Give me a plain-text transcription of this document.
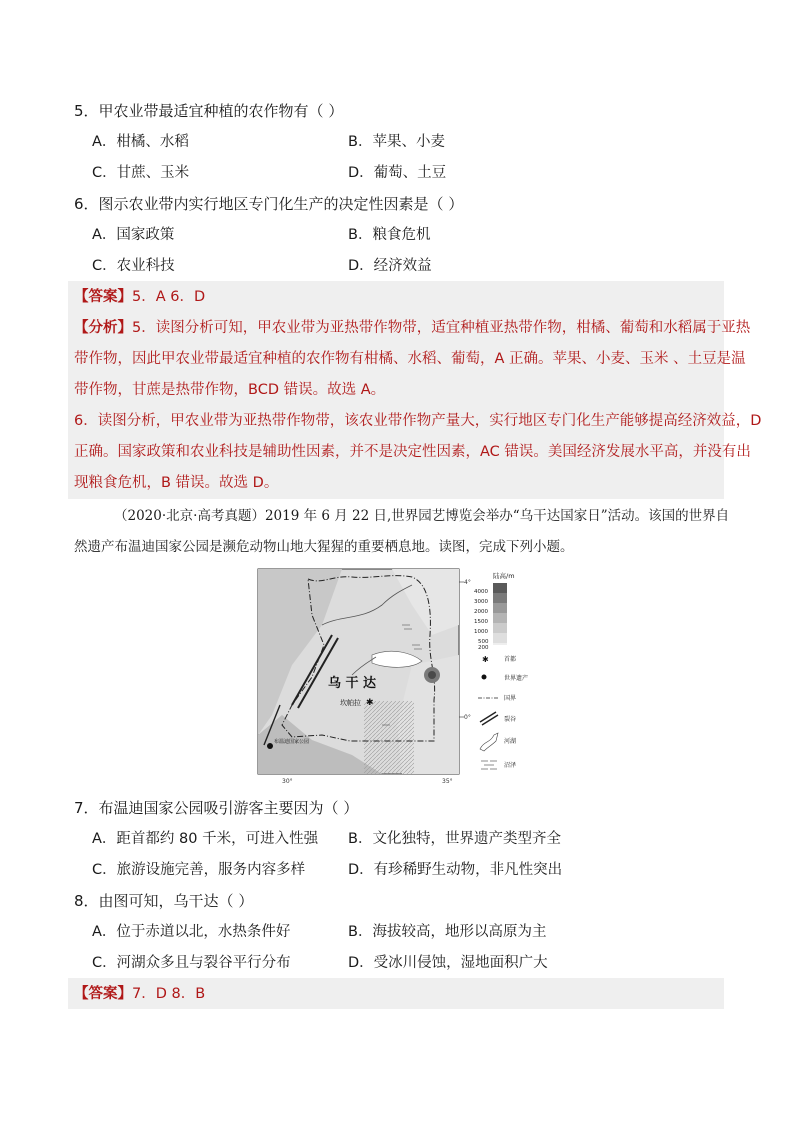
5．甲农业带最适宜种植的农作物有（ ）
A．柑橘、水稻	B．苹果、小麦
C．甘蔗、玉米	D．葡萄、土豆
6．图示农业带内实行地区专门化生产的决定性因素是（ ）
A．国家政策	B．粮食危机
C．农业科技	D．经济效益
【答案】5．A 6．D
【分析】5．读图分析可知，甲农业带为亚热带作物带，适宜种植亚热带作物，柑橘、葡萄和水稻属于亚热
带作物，因此甲农业带最适宜种植的农作物有柑橘、水稻、葡萄，A 正确。苹果、小麦、玉米 、土豆是温
带作物，甘蔗是热带作物，BCD 错误。故选 A。
6．读图分析，甲农业带为亚热带作物带，该农业带作物产量大，实行地区专门化生产能够提高经济效益，D
正确。国家政策和农业科技是辅助性因素，并不是决定性因素，AC 错误。美国经济发展水平高，并没有出
现粮食危机，B 错误。故选 D。
（2020·北京·高考真题）2019 年 6 月 22 日,世界园艺博览会举办“乌干达国家日”活动。该国的世界自
然遗产布温迪国家公园是濒危动物山地大猩猩的重要栖息地。读图，完成下列小题。
✱
乌 干 达
坎帕拉
布温迪国家公园
4°
0°
30°	35°
陆高/m
4000
3000
2000
1500
1000
500
200
✱	首都
世界遗产
国界
裂谷
河湖
沼泽
7．布温迪国家公园吸引游客主要因为（ ）
A．距首都约 80 千米，可进入性强 B．文化独特，世界遗产类型齐全
C．旅游设施完善，服务内容多样	D．有珍稀野生动物，非凡性突出
8．由图可知，乌干达（ ）
A．位于赤道以北，水热条件好	B．海拔较高，地形以高原为主
C．河湖众多且与裂谷平行分布	D．受冰川侵蚀，湿地面积广大
【答案】7．D 8．B
